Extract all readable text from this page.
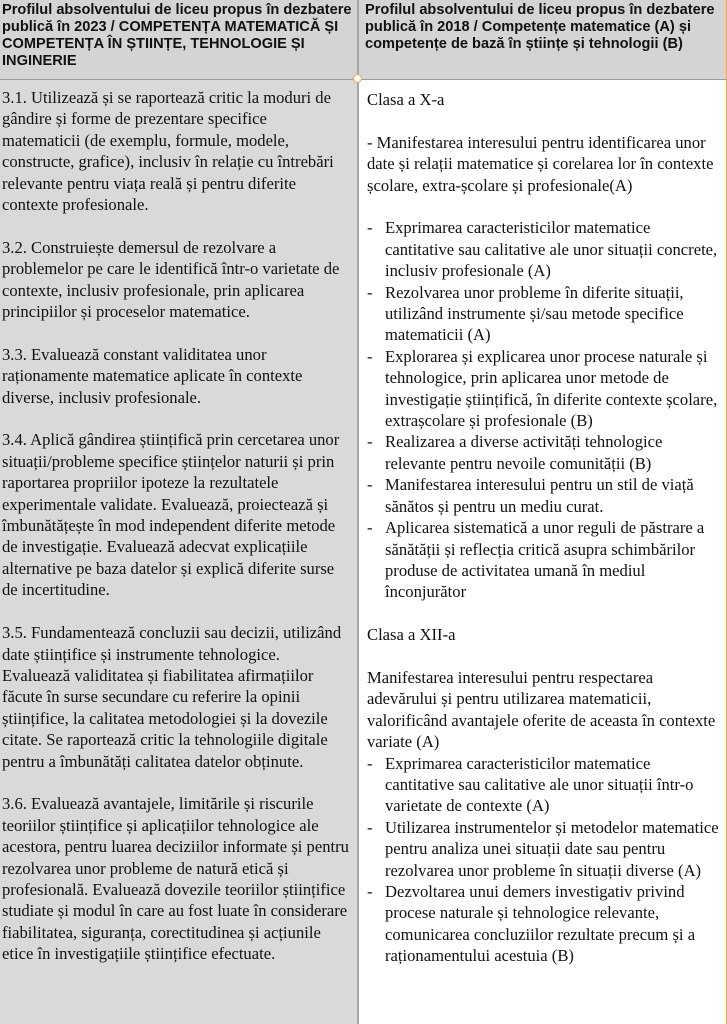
Profilul absolventului de liceu propus în dezbatere publică în 2023 / COMPETENȚA MATEMATICĂ ȘI COMPETENȚA ÎN ȘTIINȚE, TEHNOLOGIE ȘI INGINERIE
Profilul absolventului de liceu propus în dezbatere publică în 2018 / Competențe matematice (A) și competențe de bază în științe și tehnologii (B)

3.1. Utilizează și se raportează critic la moduri de gândire și forme de prezentare specifice matematicii (de exemplu, formule, modele, constructe, grafice), inclusiv în relație cu întrebări relevante pentru viața reală și pentru diferite contexte profesionale.

3.2. Construiește demersul de rezolvare a problemelor pe care le identifică într-o varietate de contexte, inclusiv profesionale, prin aplicarea principiilor și proceselor matematice.

3.3. Evaluează constant validitatea unor raționamente matematice aplicate în contexte diverse, inclusiv profesionale.

3.4. Aplică gândirea științifică prin cercetarea unor situații/probleme specifice științelor naturii și prin raportarea propriilor ipoteze la rezultatele experimentale validate. Evaluează, proiectează și îmbunătățește în mod independent diferite metode de investigație. Evaluează adecvat explicațiile alternative pe baza datelor și explică diferite surse de incertitudine.

3.5. Fundamentează concluzii sau decizii, utilizând date științifice și instrumente tehnologice. Evaluează validitatea și fiabilitatea afirmațiilor făcute în surse secundare cu referire la opinii științifice, la calitatea metodologiei și la dovezile citate. Se raportează critic la tehnologiile digitale pentru a îmbunătăți calitatea datelor obținute.

3.6. Evaluează avantajele, limitările și riscurile teoriilor științifice și aplicațiilor tehnologice ale acestora, pentru luarea deciziilor informate și pentru rezolvarea unor probleme de natură etică și profesională. Evaluează dovezile teoriilor științifice studiate și modul în care au fost luate în considerare fiabilitatea, siguranța, corectitudinea și acțiunile etice în investigațiile științifice efectuate.

Clasa a X-a

- Manifestarea interesului pentru identificarea unor date și relații matematice și corelarea lor în contexte școlare, extra-școlare și profesionale(A)

- Exprimarea caracteristicilor matematice cantitative sau calitative ale unor situații concrete, inclusiv profesionale (A)
- Rezolvarea unor probleme în diferite situații, utilizând instrumente și/sau metode specifice matematicii (A)
- Explorarea și explicarea unor procese naturale și tehnologice, prin aplicarea unor metode de investigație științifică, în diferite contexte școlare, extrașcolare și profesionale (B)
- Realizarea a diverse activități tehnologice relevante pentru nevoile comunității (B)
- Manifestarea interesului pentru un stil de viață sănătos și pentru un mediu curat.
- Aplicarea sistematică a unor reguli de păstrare a sănătății și reflecția critică asupra schimbărilor produse de activitatea umană în mediul înconjurător

Clasa a XII-a

Manifestarea interesului pentru respectarea adevărului și pentru utilizarea matematicii, valorificând avantajele oferite de aceasta în contexte variate (A)

- Exprimarea caracteristicilor matematice cantitative sau calitative ale unor situații într-o varietate de contexte (A)
- Utilizarea instrumentelor și metodelor matematice pentru analiza unei situații date sau pentru rezolvarea unor probleme în situații diverse (A)
- Dezvoltarea unui demers investigativ privind procese naturale și tehnologice relevante, comunicarea concluziilor rezultate precum și a raționamentului acestuia (B)
